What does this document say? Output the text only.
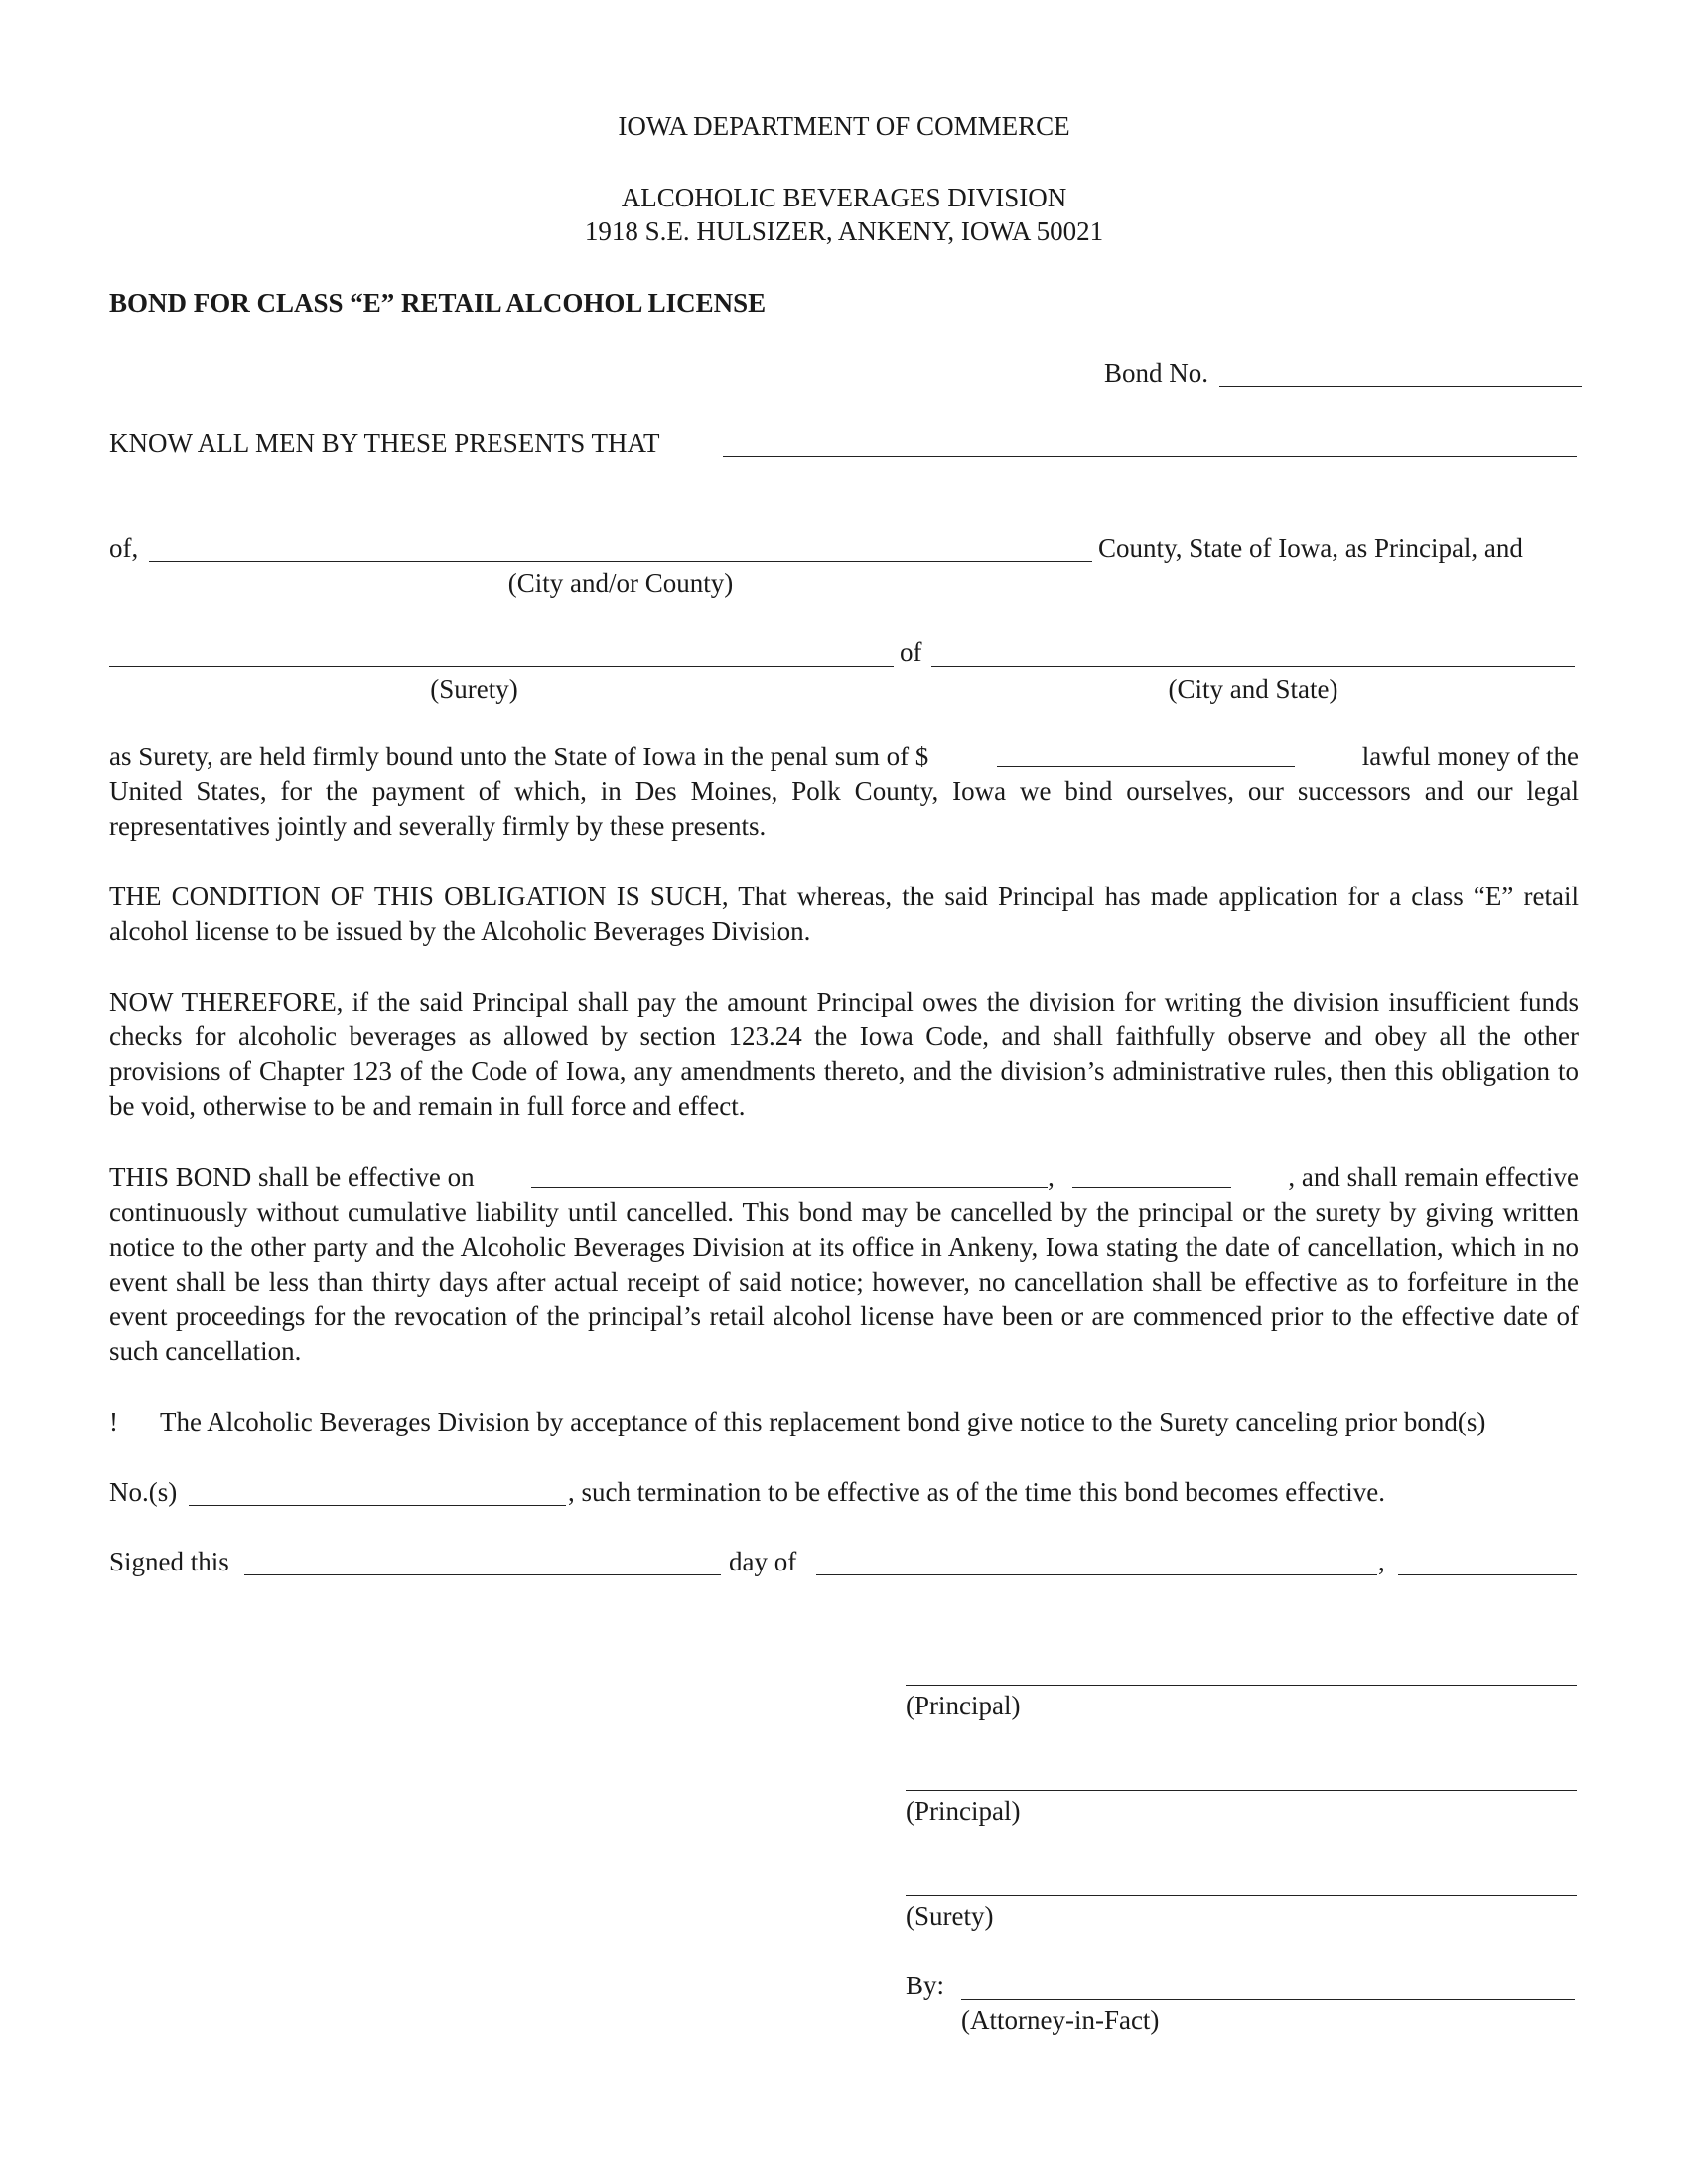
IOWA DEPARTMENT OF COMMERCE
ALCOHOLIC BEVERAGES DIVISION
1918 S.E. HULSIZER, ANKENY, IOWA 50021
BOND FOR CLASS “E” RETAIL ALCOHOL LICENSE
Bond No.
KNOW ALL MEN BY THESE PRESENTS THAT
of,	County, State of Iowa, as Principal, and
(City and/or County)
of
(Surety)	(City and State)
as Surety, are held firmly bound unto the State of Iowa in the penal sum of $	lawful money of the
United States, for the payment of which, in Des Moines, Polk County, Iowa we bind ourselves, our successors and our legal representatives jointly and severally firmly by these presents.
THE CONDITION OF THIS OBLIGATION IS SUCH, That whereas, the said Principal has made application for a class “E” retail alcohol license to be issued by the Alcoholic Beverages Division.
NOW THEREFORE, if the said Principal shall pay the amount Principal owes the division for writing the division insufficient funds checks for alcoholic beverages as allowed by section 123.24 the Iowa Code, and shall faithfully observe and obey all the other provisions of Chapter 123 of the Code of Iowa, any amendments thereto, and the division’s administrative rules, then this obligation to be void, otherwise to be and remain in full force and effect.
THIS BOND shall be effective on	,	, and shall remain effective
continuously without cumulative liability until cancelled. This bond may be cancelled by the principal or the surety by giving written notice to the other party and the Alcoholic Beverages Division at its office in Ankeny, Iowa stating the date of cancellation, which in no event shall be less than thirty days after actual receipt of said notice; however, no cancellation shall be effective as to forfeiture in the event proceedings for the revocation of the principal’s retail alcohol license have been or are commenced prior to the effective date of such cancellation.
! The Alcoholic Beverages Division by acceptance of this replacement bond give notice to the Surety canceling prior bond(s)
No.(s)	, such termination to be effective as of the time this bond becomes effective.
Signed this	day of	,
(Principal)
(Principal)
(Surety)
By:
(Attorney-in-Fact)
